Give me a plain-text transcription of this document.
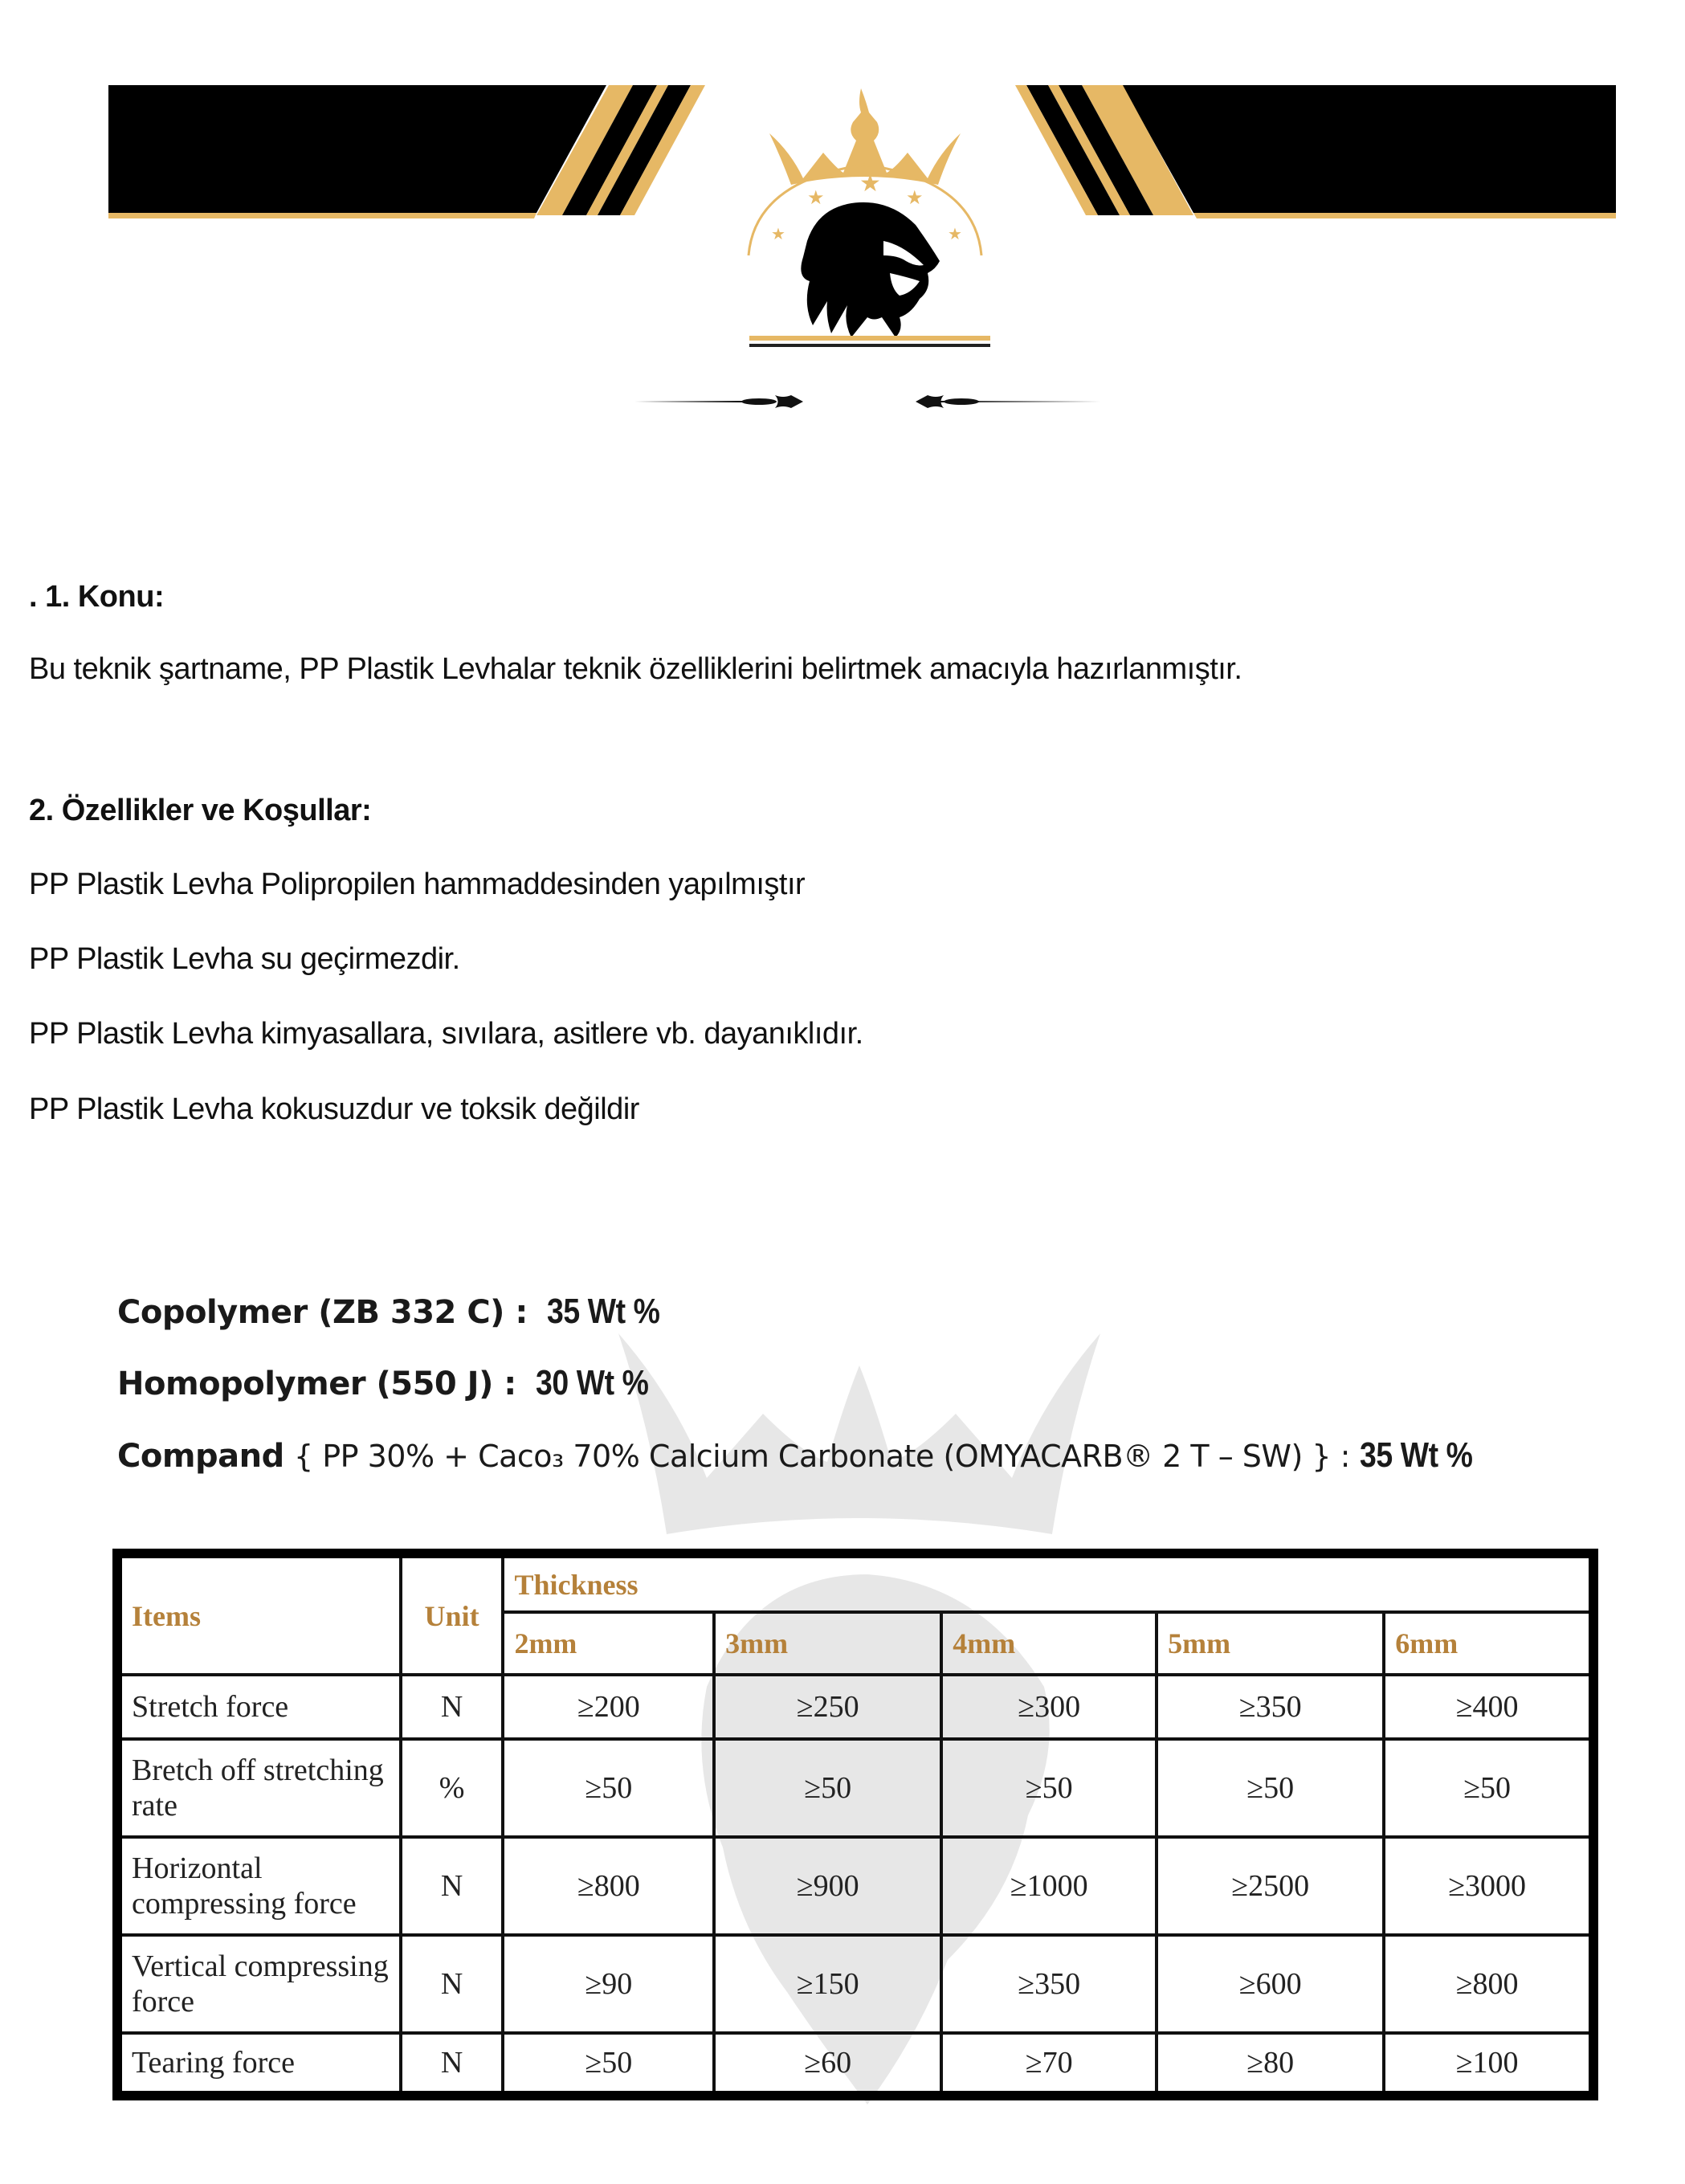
★
★	★
★	★
. 1. Konu:

Bu teknik şartname, PP Plastik Levhalar teknik özelliklerini belirtmek amacıyla hazırlanmıştır.

2. Özellikler ve Koşullar:

PP Plastik Levha Polipropilen hammaddesinden yapılmıştır

PP Plastik Levha su geçirmezdir.

PP Plastik Levha kimyasallara, sıvılara, asitlere vb. dayanıklıdır.

PP Plastik Levha kokusuzdur ve toksik değildir

Copolymer (ZB 332 C) : 35 Wt %
Homopolymer (550 J) : 30 Wt %
Compand { PP 30% + Caco₃ 70% Calcium Carbonate (OMYACARB® 2 T – SW) } : 35 Wt %
Items	Unit	Thickness				
		2mm	3mm	4mm	5mm	6mm
Stretch force	N	≥200	≥250	≥300	≥350	≥400
Bretch off stretching rate	%	≥50	≥50	≥50	≥50	≥50
Horizontal compressing force	N	≥800	≥900	≥1000	≥2500	≥3000
Vertical compressing force	N	≥90	≥150	≥350	≥600	≥800
Tearing force	N	≥50	≥60	≥70	≥80	≥100
